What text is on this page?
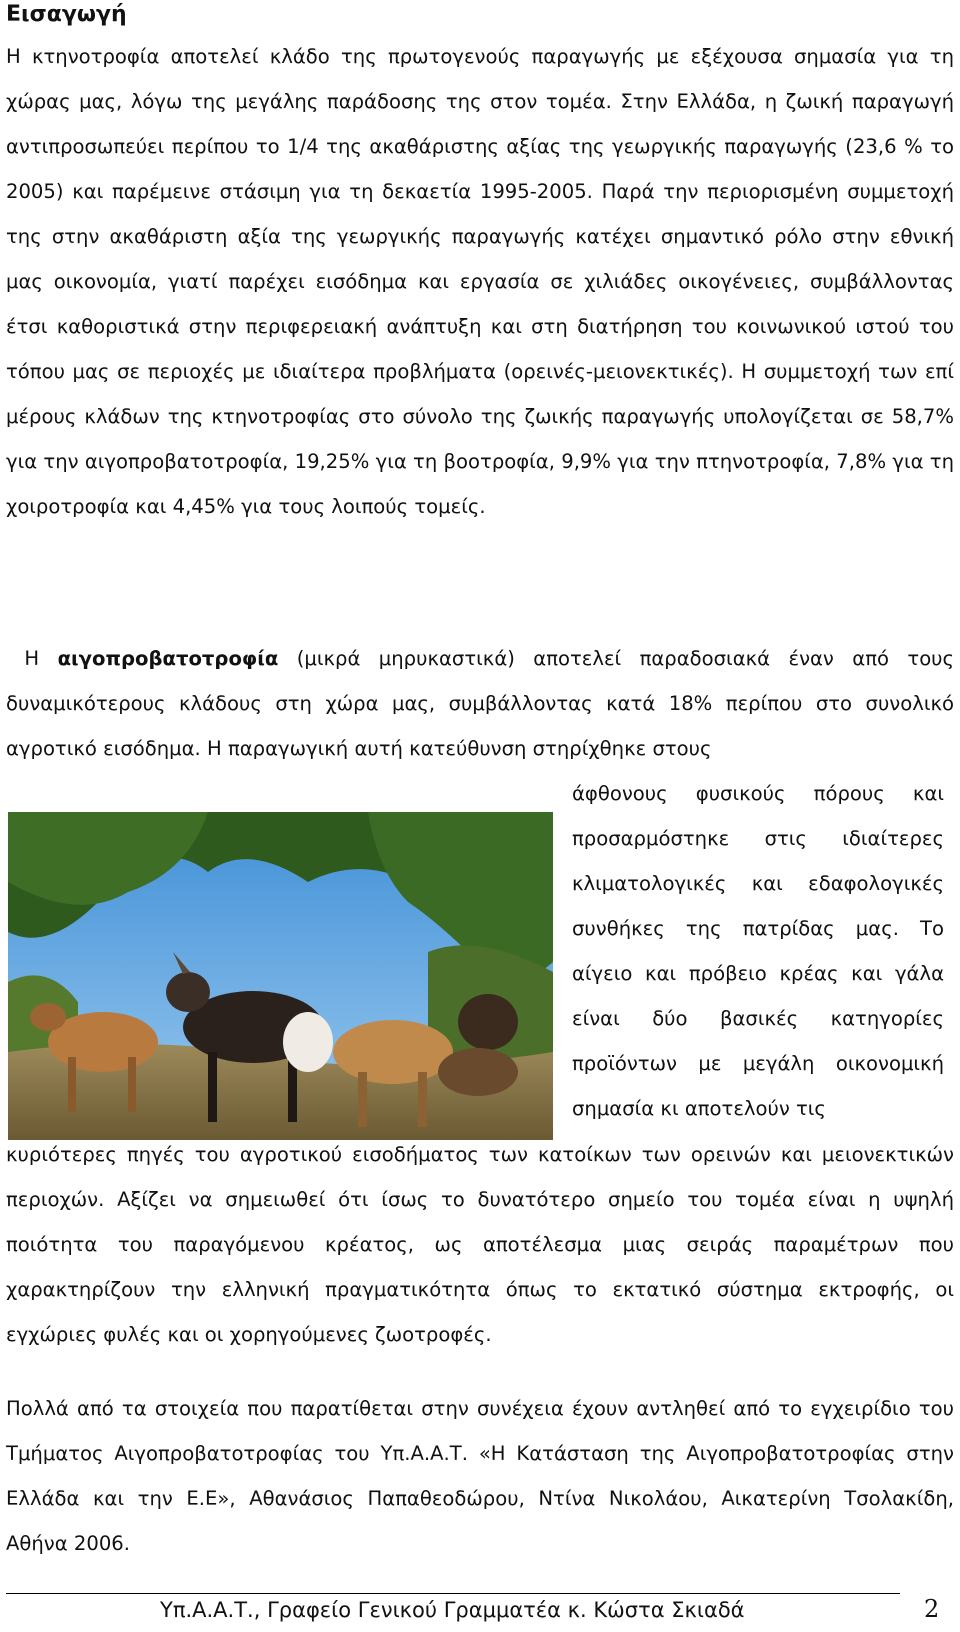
Εισαγωγή

Η κτηνοτροφία αποτελεί κλάδο της πρωτογενούς παραγωγής με εξέχουσα σημασία για τη χώρας μας, λόγω της μεγάλης παράδοσης της στον τομέα. Στην Ελλάδα, η ζωική παραγωγή αντιπροσωπεύει περίπου το 1/4 της ακαθάριστης αξίας της γεωργικής παραγωγής (23,6 % το 2005) και παρέμεινε στάσιμη για τη δεκαετία 1995-2005. Παρά την περιορισμένη συμμετοχή της στην ακαθάριστη αξία της γεωργικής παραγωγής κατέχει σημαντικό ρόλο στην εθνική μας οικονομία, γιατί παρέχει εισόδημα και εργασία σε χιλιάδες οικογένειες, συμβάλλοντας έτσι καθοριστικά στην περιφερειακή ανάπτυξη και στη διατήρηση του κοινωνικού ιστού του τόπου μας σε περιοχές με ιδιαίτερα προβλήματα (ορεινές-μειονεκτικές). Η συμμετοχή των επί μέρους κλάδων της κτηνοτροφίας στο σύνολο της ζωικής παραγωγής υπολογίζεται σε 58,7% για την αιγοπροβατοτροφία, 19,25% για τη βοοτροφία, 9,9% για την πτηνοτροφία, 7,8% για τη χοιροτροφία και 4,45% για τους λοιπούς τομείς.

Η αιγοπροβατοτροφία (μικρά μηρυκαστικά) αποτελεί παραδοσιακά έναν από τους δυναμικότερους κλάδους στη χώρα μας, συμβάλλοντας κατά 18% περίπου στο συνολικό αγροτικό εισόδημα. Η παραγωγική αυτή κατεύθυνση στηρίχθηκε στους

άφθονους φυσικούς πόρους και προσαρμόστηκε στις ιδιαίτερες κλιματολογικές και εδαφολογικές συνθήκες της πατρίδας μας. Το αίγειο και πρόβειο κρέας και γάλα είναι δύο βασικές κατηγορίες προϊόντων με μεγάλη οικονομική σημασία κι αποτελούν τις

κυριότερες πηγές του αγροτικού εισοδήματος των κατοίκων των ορεινών και μειονεκτικών περιοχών. Αξίζει να σημειωθεί ότι ίσως το δυνατότερο σημείο του τομέα είναι η υψηλή ποιότητα του παραγόμενου κρέατος, ως αποτέλεσμα μιας σειράς παραμέτρων που χαρακτηρίζουν την ελληνική πραγματικότητα όπως το εκτατικό σύστημα εκτροφής, οι εγχώριες φυλές και οι χορηγούμενες ζωοτροφές.

Πολλά από τα στοιχεία που παρατίθεται στην συνέχεια έχουν αντληθεί από το εγχειρίδιο του Τμήματος Αιγοπροβατοτροφίας του Υπ.Α.Α.Τ. «Η Κατάσταση της Αιγοπροβατοτροφίας στην Ελλάδα και την Ε.Ε», Αθανάσιος Παπαθεοδώρου, Ντίνα Νικολάου, Αικατερίνη Τσολακίδη, Αθήνα 2006.

Υπ.Α.Α.Τ., Γραφείο Γενικού Γραμματέα κ. Κώστα Σκιαδά	2
